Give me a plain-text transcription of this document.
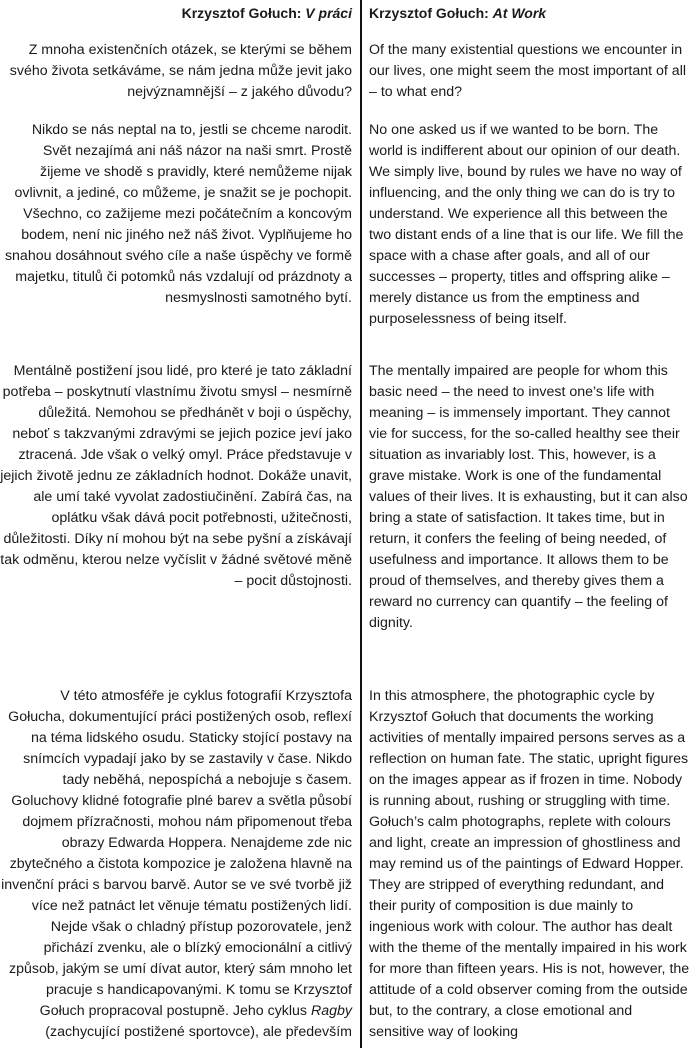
Krzysztof Gołuch: V práci

Z mnoha existenčních otázek, se kterými se během svého života setkáváme, se nám jedna může jevit jako nejvýznamnější – z jakého důvodu?

Nikdo se nás neptal na to, jestli se chceme narodit. Svět nezajímá ani náš názor na naši smrt. Prostě žijeme ve shodě s pravidly, které nemůžeme nijak ovlivnit, a jediné, co můžeme, je snažit se je pochopit. Všechno, co zažijeme mezi počátečním a koncovým bodem, není nic jiného než náš život. Vyplňujeme ho snahou dosáhnout svého cíle a naše úspěchy ve formě majetku, titulů či potomků nás vzdalují od prázdnoty a nesmyslnosti samotného bytí.

Mentálně postižení jsou lidé, pro které je tato základní potřeba – poskytnutí vlastnímu životu smysl – nesmírně důležitá. Nemohou se předhánět v boji o úspěchy, neboť s takzvanými zdravými se jejich pozice jeví jako ztracená. Jde však o velký omyl. Práce představuje v jejich životě jednu ze základních hodnot. Dokáže unavit, ale umí také vyvolat zadostiučinění. Zabírá čas, na oplátku však dává pocit potřebnosti, užitečnosti, důležitosti. Díky ní mohou být na sebe pyšní a získávají tak odměnu, kterou nelze vyčíslit v žádné světové měně – pocit důstojnosti.

V této atmosféře je cyklus fotografií Krzysztofa Gołucha, dokumentující práci postižených osob, reflexí na téma lidského osudu. Staticky stojící postavy na snímcích vypadají jako by se zastavily v čase. Nikdo tady neběhá, nepospíchá a nebojuje s časem. Goluchovy klidné fotografie plné barev a světla působí dojmem přízračnosti, mohou nám připomenout třeba obrazy Edwarda Hoppera. Nenajdeme zde nic zbytečného a čistota kompozice je založena hlavně na invenční práci s barvou barvě. Autor se ve své tvorbě již více než patnáct let věnuje tématu postižených lidí. Nejde však o chladný přístup pozorovatele, jenž přichází zvenku, ale o blízký emocionální a citlivý způsob, jakým se umí dívat autor, který sám mnoho let pracuje s handicapovanými. K tomu se Krzysztof Gołuch propracoval postupně. Jeho cyklus Ragby (zachycující postižené sportovce), ale především

Krzysztof Gołuch: At Work

Of the many existential questions we encounter in our lives, one might seem the most important of all – to what end?

No one asked us if we wanted to be born. The world is indifferent about our opinion of our death. We simply live, bound by rules we have no way of influencing, and the only thing we can do is try to understand. We experience all this between the two distant ends of a line that is our life. We fill the space with a chase after goals, and all of our successes – property, titles and offspring alike – merely distance us from the emptiness and purposelessness of being itself.

The mentally impaired are people for whom this basic need – the need to invest one’s life with meaning – is immensely important. They cannot vie for success, for the so-called healthy see their situation as invariably lost. This, however, is a grave mistake. Work is one of the fundamental values of their lives. It is exhausting, but it can also bring a state of satisfaction. It takes time, but in return, it confers the feeling of being needed, of usefulness and importance. It allows them to be proud of themselves, and thereby gives them a reward no currency can quantify – the feeling of dignity.

In this atmosphere, the photographic cycle by Krzysztof Gołuch that documents the working activities of mentally impaired persons serves as a reflection on human fate. The static, upright figures on the images appear as if frozen in time. Nobody is running about, rushing or struggling with time. Gołuch’s calm photographs, replete with colours and light, create an impression of ghostliness and may remind us of the paintings of Edward Hopper. They are stripped of everything redundant, and their purity of composition is due mainly to ingenious work with colour. The author has dealt with the theme of the mentally impaired in his work for more than fifteen years. His is not, however, the attitude of a cold observer coming from the outside but, to the contrary, a close emotional and sensitive way of looking
